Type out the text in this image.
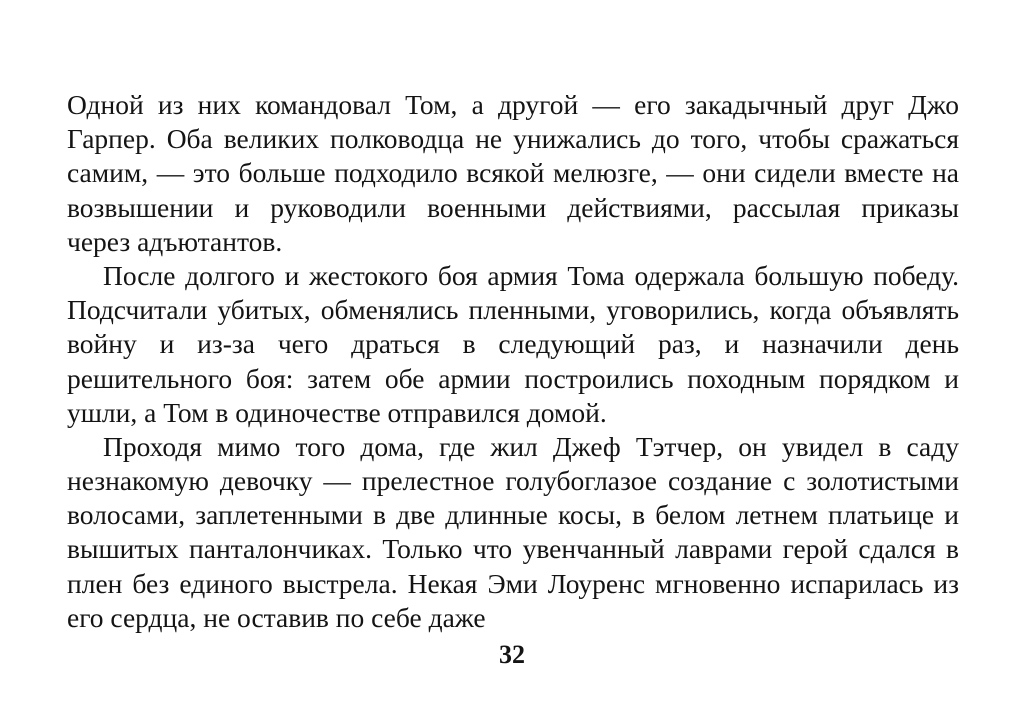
Одной из них командовал Том, а другой — его закадычный друг Джо
Гарпер. Оба великих полководца не унижались до того, чтобы сражаться
самим, — это больше подходило всякой мелюзге, — они сидели вместе на
возвышении и руководили военными действиями, рассылая приказы
через адъютантов.
После долгого и жестокого боя армия Тома одержала большую победу.
Подсчитали убитых, обменялись пленными, уговорились, когда объявлять
войну и из-за чего драться в следующий раз, и назначили день
решительного боя: затем обе армии построились походным порядком и
ушли, а Том в одиночестве отправился домой.
Проходя мимо того дома, где жил Джеф Тэтчер, он увидел в саду
незнакомую девочку — прелестное голубоглазое создание с золотистыми
волосами, заплетенными в две длинные косы, в белом летнем платьице и
вышитых панталончиках. Только что увенчанный лаврами герой сдался в
плен без единого выстрела. Некая Эми Лоуренс мгновенно испарилась из
его сердца, не оставив по себе даже
32
